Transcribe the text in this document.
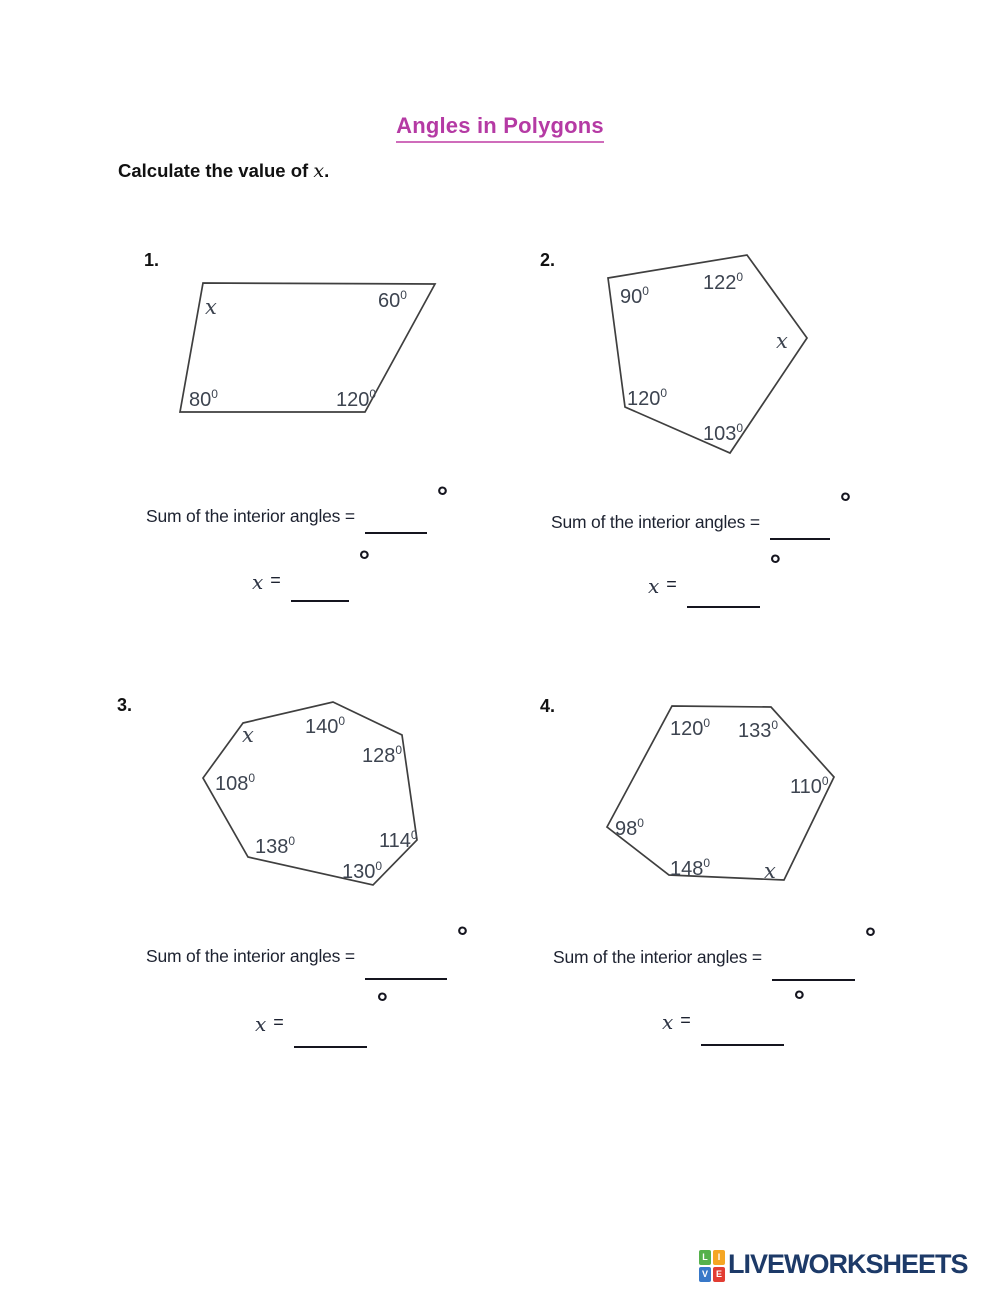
Angles in Polygons
Calculate the value of x.
1.
x	$60^0$
$80^0$	$120^0$
Sum of the interior angles =
°
x =
°
2.
$90^0$	$122^0$
x
$103^0$
$120^0$
Sum of the interior angles =
°
x =
°
3.
x	$140^0$
$128^0$
$108^0$
$138^0$
$130^0$
$114^0$
Sum of the interior angles =
°
x =
°
4.
$120^0$ $133^0$
$110^0$
$98^0$
$148^0$	x
Sum of the interior angles =
°
x =
°
L	I
V E LIVEWORKSHEETS
